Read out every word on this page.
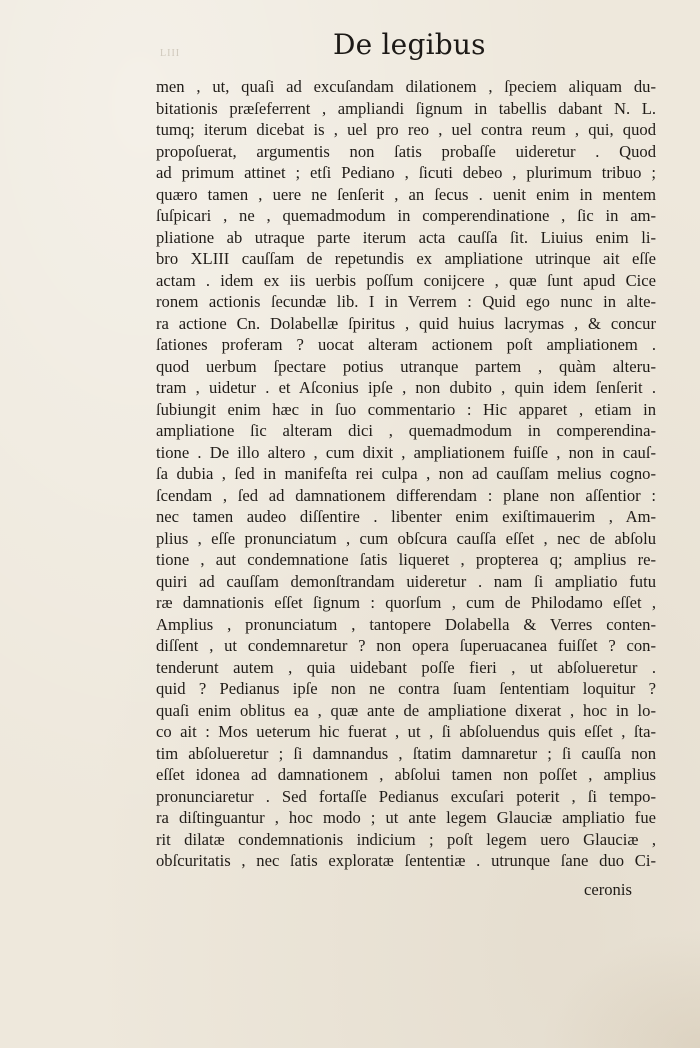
LIII	De legibus
men , ut, quaſi ad excuſandam dilationem , ſpeciem aliquam du-
bitationis præſeferrent , ampliandi ſignum in tabellis dabant N. L.
tumq; iterum dicebat is , uel pro reo , uel contra reum , qui, quod
propoſuerat, argumentis non ſatis probaſſe uideretur . Quod
ad primum attinet ; etſi Pediano , ſicuti debeo , plurimum tribuo ;
quæro tamen , uere ne ſenſerit , an ſecus . uenit enim in mentem
ſuſpicari , ne , quemadmodum in comperendinatione , ſic in am-
pliatione ab utraque parte iterum acta cauſſa ſit. Liuius enim li-
bro XLIII cauſſam de repetundis ex ampliatione utrinque ait eſſe
actam . idem ex iis uerbis poſſum conijcere , quæ ſunt apud Cice
ronem actionis ſecundæ lib. I in Verrem : Quid ego nunc in alte-
ra actione Cn. Dolabellæ ſpiritus , quid huius lacrymas , & concur
ſationes proferam ? uocat alteram actionem poſt ampliationem .
quod uerbum ſpectare potius utranque partem , quàm alteru-
tram , uidetur . et Aſconius ipſe , non dubito , quin idem ſenſerit .
ſubiungit enim hæc in ſuo commentario : Hic apparet , etiam in
ampliatione ſic alteram dici , quemadmodum in comperendina-
tione . De illo altero , cum dixit , ampliationem fuiſſe , non in cauſ-
ſa dubia , ſed in manifeſta rei culpa , non ad cauſſam melius cogno-
ſcendam , ſed ad damnationem differendam : plane non aſſentior :
nec tamen audeo diſſentire . libenter enim exiſtimauerim , Am-
plius , eſſe pronunciatum , cum obſcura cauſſa eſſet , nec de abſolu
tione , aut condemnatione ſatis liqueret , propterea q; amplius re-
quiri ad cauſſam demonſtrandam uideretur . nam ſi ampliatio futu
ræ damnationis eſſet ſignum : quorſum , cum de Philodamo eſſet ,
Amplius , pronunciatum , tantopere Dolabella & Verres conten-
diſſent , ut condemnaretur ? non opera ſuperuacanea fuiſſet ? con-
tenderunt autem , quia uidebant poſſe fieri , ut abſolueretur .
quid ? Pedianus ipſe non ne contra ſuam ſententiam loquitur ?
quaſi enim oblitus ea , quæ ante de ampliatione dixerat , hoc in lo-
co ait : Mos ueterum hic fuerat , ut , ſi abſoluendus quis eſſet , ſta-
tim abſolueretur ; ſi damnandus , ſtatim damnaretur ; ſi cauſſa non
eſſet idonea ad damnationem , abſolui tamen non poſſet , amplius
pronunciaretur . Sed fortaſſe Pedianus excuſari poterit , ſi tempo-
ra diſtinguantur , hoc modo ; ut ante legem Glauciæ ampliatio fue
rit dilatæ condemnationis indicium ; poſt legem uero Glauciæ ,
obſcuritatis , nec ſatis exploratæ ſententiæ . utrunque ſane duo Ci-
ceronis
